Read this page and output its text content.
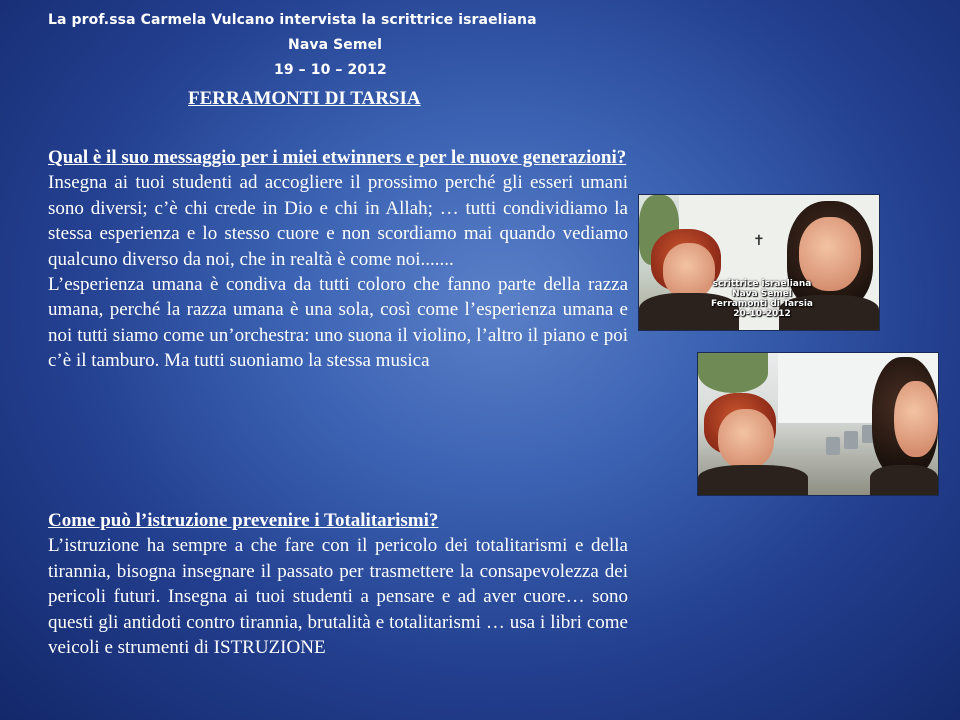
La prof.ssa Carmela Vulcano intervista la scrittrice israeliana
Nava Semel
19 – 10 – 2012
FERRAMONTI DI TARSIA

Qual è il suo messaggio per i miei etwinners e per le nuove generazioni?

Insegna ai tuoi studenti ad accogliere il prossimo perché gli esseri umani sono diversi; c’è chi crede in Dio e chi in Allah; … tutti condividiamo la stessa esperienza e lo stesso cuore e non scordiamo mai quando vediamo qualcuno diverso da noi, che in realtà è come noi.......

L’esperienza umana è condiva da tutti coloro che fanno parte della razza umana, perché la razza umana è una sola, così come l’esperienza umana e noi tutti siamo come un’orchestra: uno suona il violino, l’altro il piano e poi c’è il tamburo. Ma tutti suoniamo la stessa musica

Come può l’istruzione prevenire i Totalitarismi?

L’istruzione ha sempre a che fare con il pericolo dei totalitarismi e della tirannia, bisogna insegnare il passato per trasmettere la consapevolezza dei pericoli futuri. Insegna ai tuoi studenti a pensare e ad aver cuore… sono questi gli antidoti contro tirannia, brutalità e totalitarismi … usa i libri come veicoli e strumenti di ISTRUZIONE

✝
scrittrice israeliana
Nava Semel
Ferramonti di Tarsia
20-10-2012
